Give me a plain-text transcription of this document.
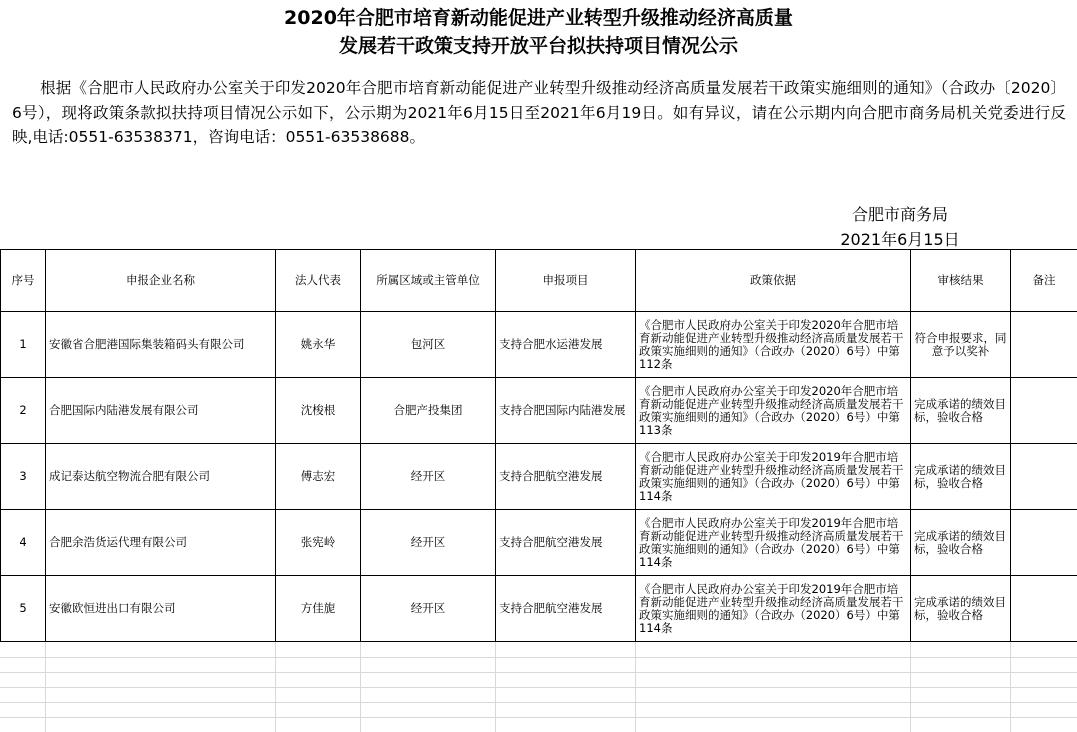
2020年合肥市培育新动能促进产业转型升级推动经济高质量
发展若干政策支持开放平台拟扶持项目情况公示
根据《合肥市人民政府办公室关于印发2020年合肥市培育新动能促进产业转型升级推动经济高质量发展若干政策实施细则的通知》（合政办〔2020〕6号），现将政策条款拟扶持项目情况公示如下，公示期为2021年6月15日至2021年6月19日。如有异议，请在公示期内向合肥市商务局机关党委进行反映,电话:0551-63538371，咨询电话：0551-63538688。
合肥市商务局
2021年6月15日
序号	申报企业名称	法人代表	所属区域或主管单位	申报项目	政策依据	审核结果	备注
1	安徽省合肥港国际集装箱码头有限公司	姚永华	包河区	支持合肥水运港发展	《合肥市人民政府办公室关于印发2020年合肥市培育新动能促进产业转型升级推动经济高质量发展若干政策实施细则的通知》（合政办（2020）6号）中第112条	符合申报要求，同意予以奖补	
2	合肥国际内陆港发展有限公司	沈梭根	合肥产投集团	支持合肥国际内陆港发展	《合肥市人民政府办公室关于印发2020年合肥市培育新动能促进产业转型升级推动经济高质量发展若干政策实施细则的通知》（合政办（2020）6号）中第113条	完成承诺的绩效目标，验收合格	
3	成记泰达航空物流合肥有限公司	傅志宏	经开区	支持合肥航空港发展	《合肥市人民政府办公室关于印发2019年合肥市培育新动能促进产业转型升级推动经济高质量发展若干政策实施细则的通知》（合政办（2020）6号）中第114条	完成承诺的绩效目标，验收合格	
4	合肥余浩货运代理有限公司	张宪岭	经开区	支持合肥航空港发展	《合肥市人民政府办公室关于印发2019年合肥市培育新动能促进产业转型升级推动经济高质量发展若干政策实施细则的通知》（合政办（2020）6号）中第114条	完成承诺的绩效目标，验收合格	
5	安徽欧恒进出口有限公司	方佳旎	经开区	支持合肥航空港发展	《合肥市人民政府办公室关于印发2019年合肥市培育新动能促进产业转型升级推动经济高质量发展若干政策实施细则的通知》（合政办（2020）6号）中第114条	完成承诺的绩效目标，验收合格	
